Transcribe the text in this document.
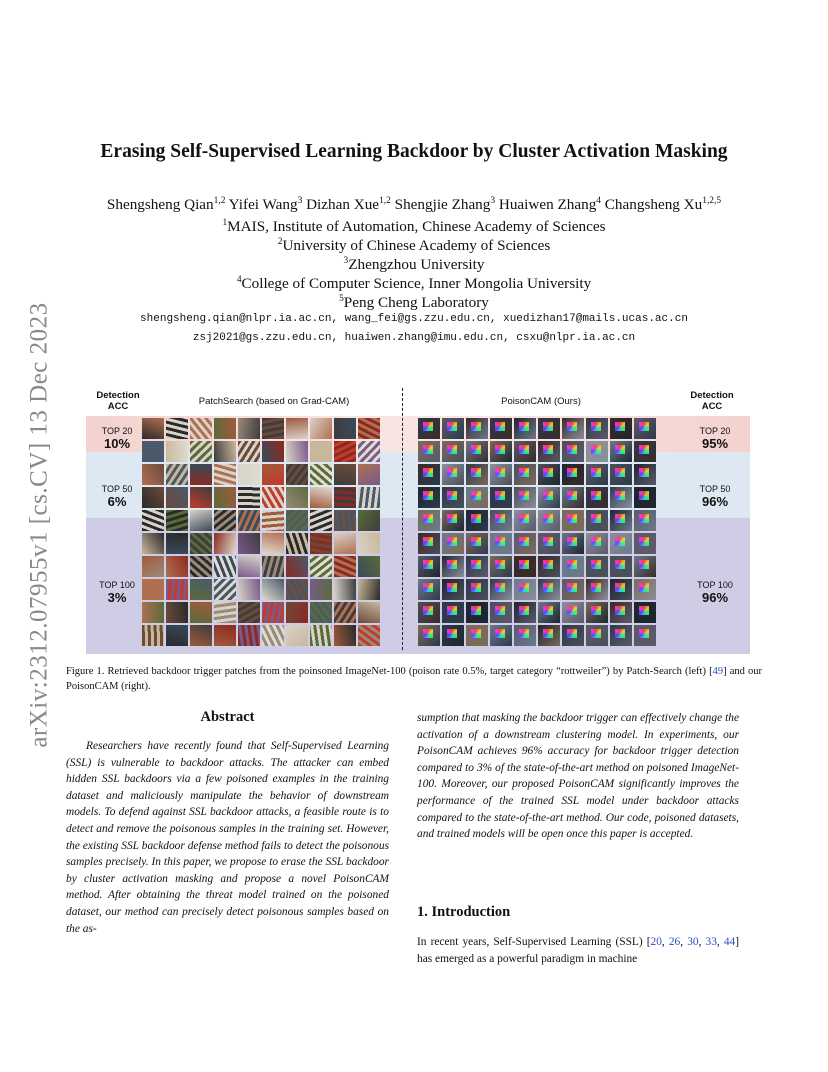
arXiv:2312.07955v1 [cs.CV] 13 Dec 2023
Erasing Self-Supervised Learning Backdoor by Cluster Activation Masking
Shengsheng Qian$^{1,2}$ Yifei Wang$^3$ Dizhan Xue$^{1,2}$ Shengjie Zhang$^3$ Huaiwen Zhang$^4$ Changsheng Xu$^{1,2,5}$
$^1$MAIS, Institute of Automation, Chinese Academy of Sciences
$^2$University of Chinese Academy of Sciences
$^3$Zhengzhou University
$^4$College of Computer Science, Inner Mongolia University
$^5$Peng Cheng Laboratory
shengsheng.qian@nlpr.ia.ac.cn, wang_fei@gs.zzu.edu.cn, xuedizhan17@mails.ucas.ac.cn
zsj2021@gs.zzu.edu.cn, huaiwen.zhang@imu.edu.cn, csxu@nlpr.ia.ac.cn
Detection
ACC	PatchSearch (based on Grad-CAM)	PoisonCAM (Ours)
Detection
ACC
TOP 20
10%
TOP 50
6%
TOP 100
3%
TOP 20
95%
TOP 50
96%
TOP 100
96%
Figure 1. Retrieved backdoor trigger patches from the poinsoned ImageNet-100 (poison rate 0.5%, target category “rottweiler”) by Patch-Search (left) [49] and our PoisonCAM (right).
Abstract
Researchers have recently found that Self-Supervised Learning (SSL) is vulnerable to backdoor attacks. The attacker can embed hidden SSL backdoors via a few poisoned examples in the training dataset and maliciously manipulate the behavior of downstream models. To defend against SSL backdoor attacks, a feasible route is to detect and remove the poisonous samples in the training set. However, the existing SSL backdoor defense method fails to detect the poisonous samples precisely. In this paper, we propose to erase the SSL backdoor by cluster activation masking and propose a novel PoisonCAM method. After obtaining the threat model trained on the poisoned dataset, our method can precisely detect poisonous samples based on the as-
sumption that masking the backdoor trigger can effectively change the activation of a downstream clustering model. In experiments, our PoisonCAM achieves 96% accuracy for backdoor trigger detection compared to 3% of the state-of-the-art method on poisoned ImageNet-100. Moreover, our proposed PoisonCAM significantly improves the performance of the trained SSL model under backdoor attacks compared to the state-of-the-art method. Our code, poisoned datasets, and trained models will be open once this paper is accepted.
1. Introduction
In recent years, Self-Supervised Learning (SSL) [20, 26, 30, 33, 44] has emerged as a powerful paradigm in machine
